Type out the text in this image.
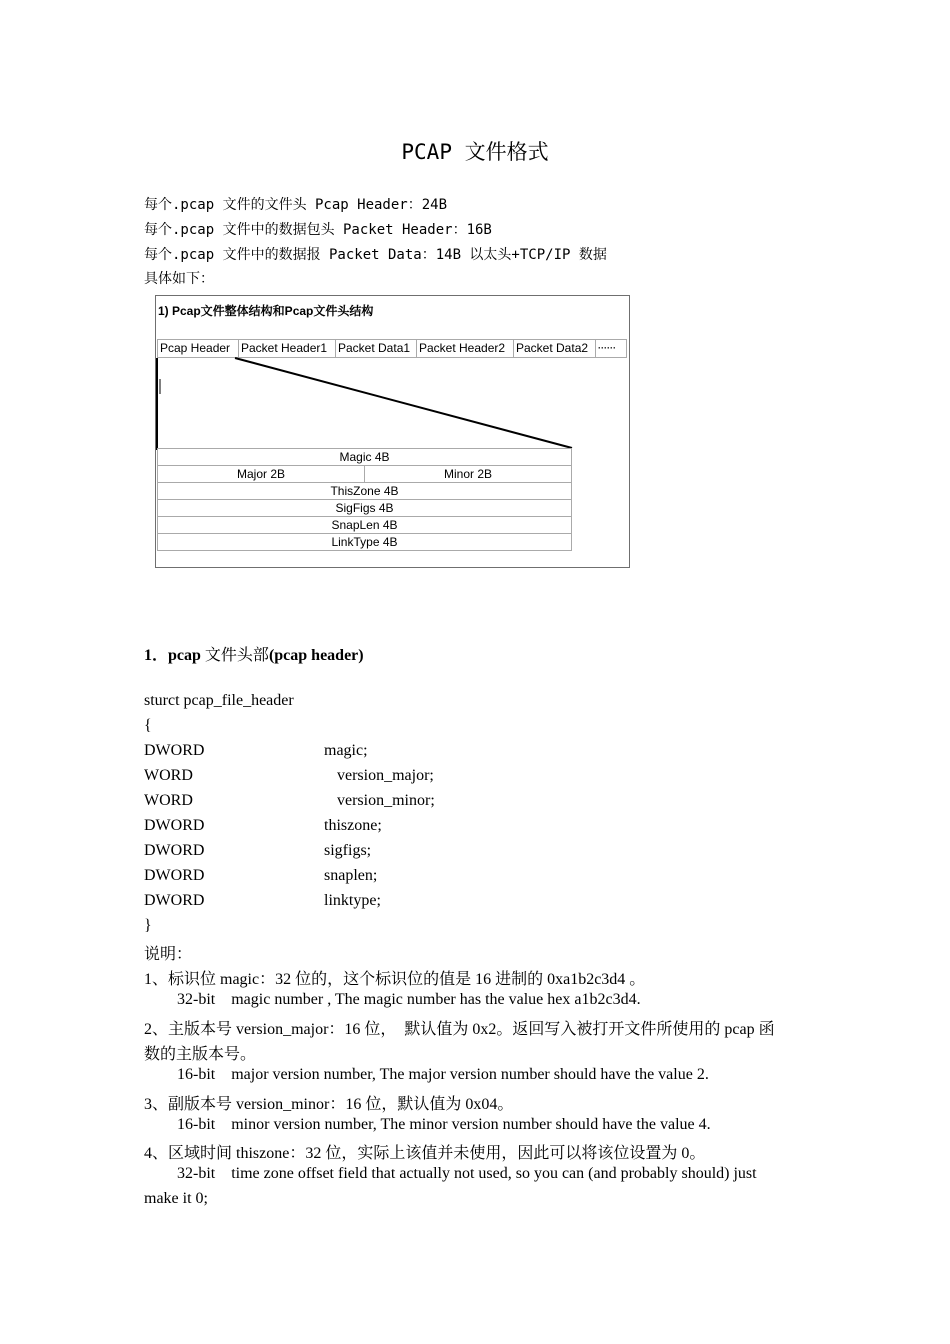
PCAP 文件格式
每个.pcap 文件的文件头 Pcap Header：24B
每个.pcap 文件中的数据包头 Packet Header：16B
每个.pcap 文件中的数据报 Packet Data：14B 以太头+TCP/IP 数据
具体如下：
1) Pcap文件整体结构和Pcap文件头结构
Pcap Header Packet Header1 Packet Data1 Packet Header2 Packet Data2	······
Magic 4B
Major 2B	Minor 2B
ThisZone 4B
SigFigs 4B
SnapLen 4B
LinkType 4B
1．pcap 文件头部(pcap header)
sturct pcap_file_header
{
DWORD	magic;
WORD	version_major;
WORD	version_minor;
DWORD	thiszone;
DWORD	sigfigs;
DWORD	snaplen;
DWORD	linktype;
}
说明：
1、标识位 magic：32 位的，这个标识位的值是 16 进制的 0xa1b2c3d4 。
32-bit    magic number , The magic number has the value hex a1b2c3d4.
2、主版本号 version_major：16 位，  默认值为 0x2。返回写入被打开文件所使用的 pcap 函
数的主版本号。
16-bit    major version number, The major version number should have the value 2.
3、副版本号 version_minor：16 位，默认值为 0x04。
16-bit    minor version number, The minor version number should have the value 4.
4、区域时间 thiszone：32 位，实际上该值并未使用，因此可以将该位设置为 0。
32-bit    time zone offset field that actually not used, so you can (and probably should) just
make it 0;
